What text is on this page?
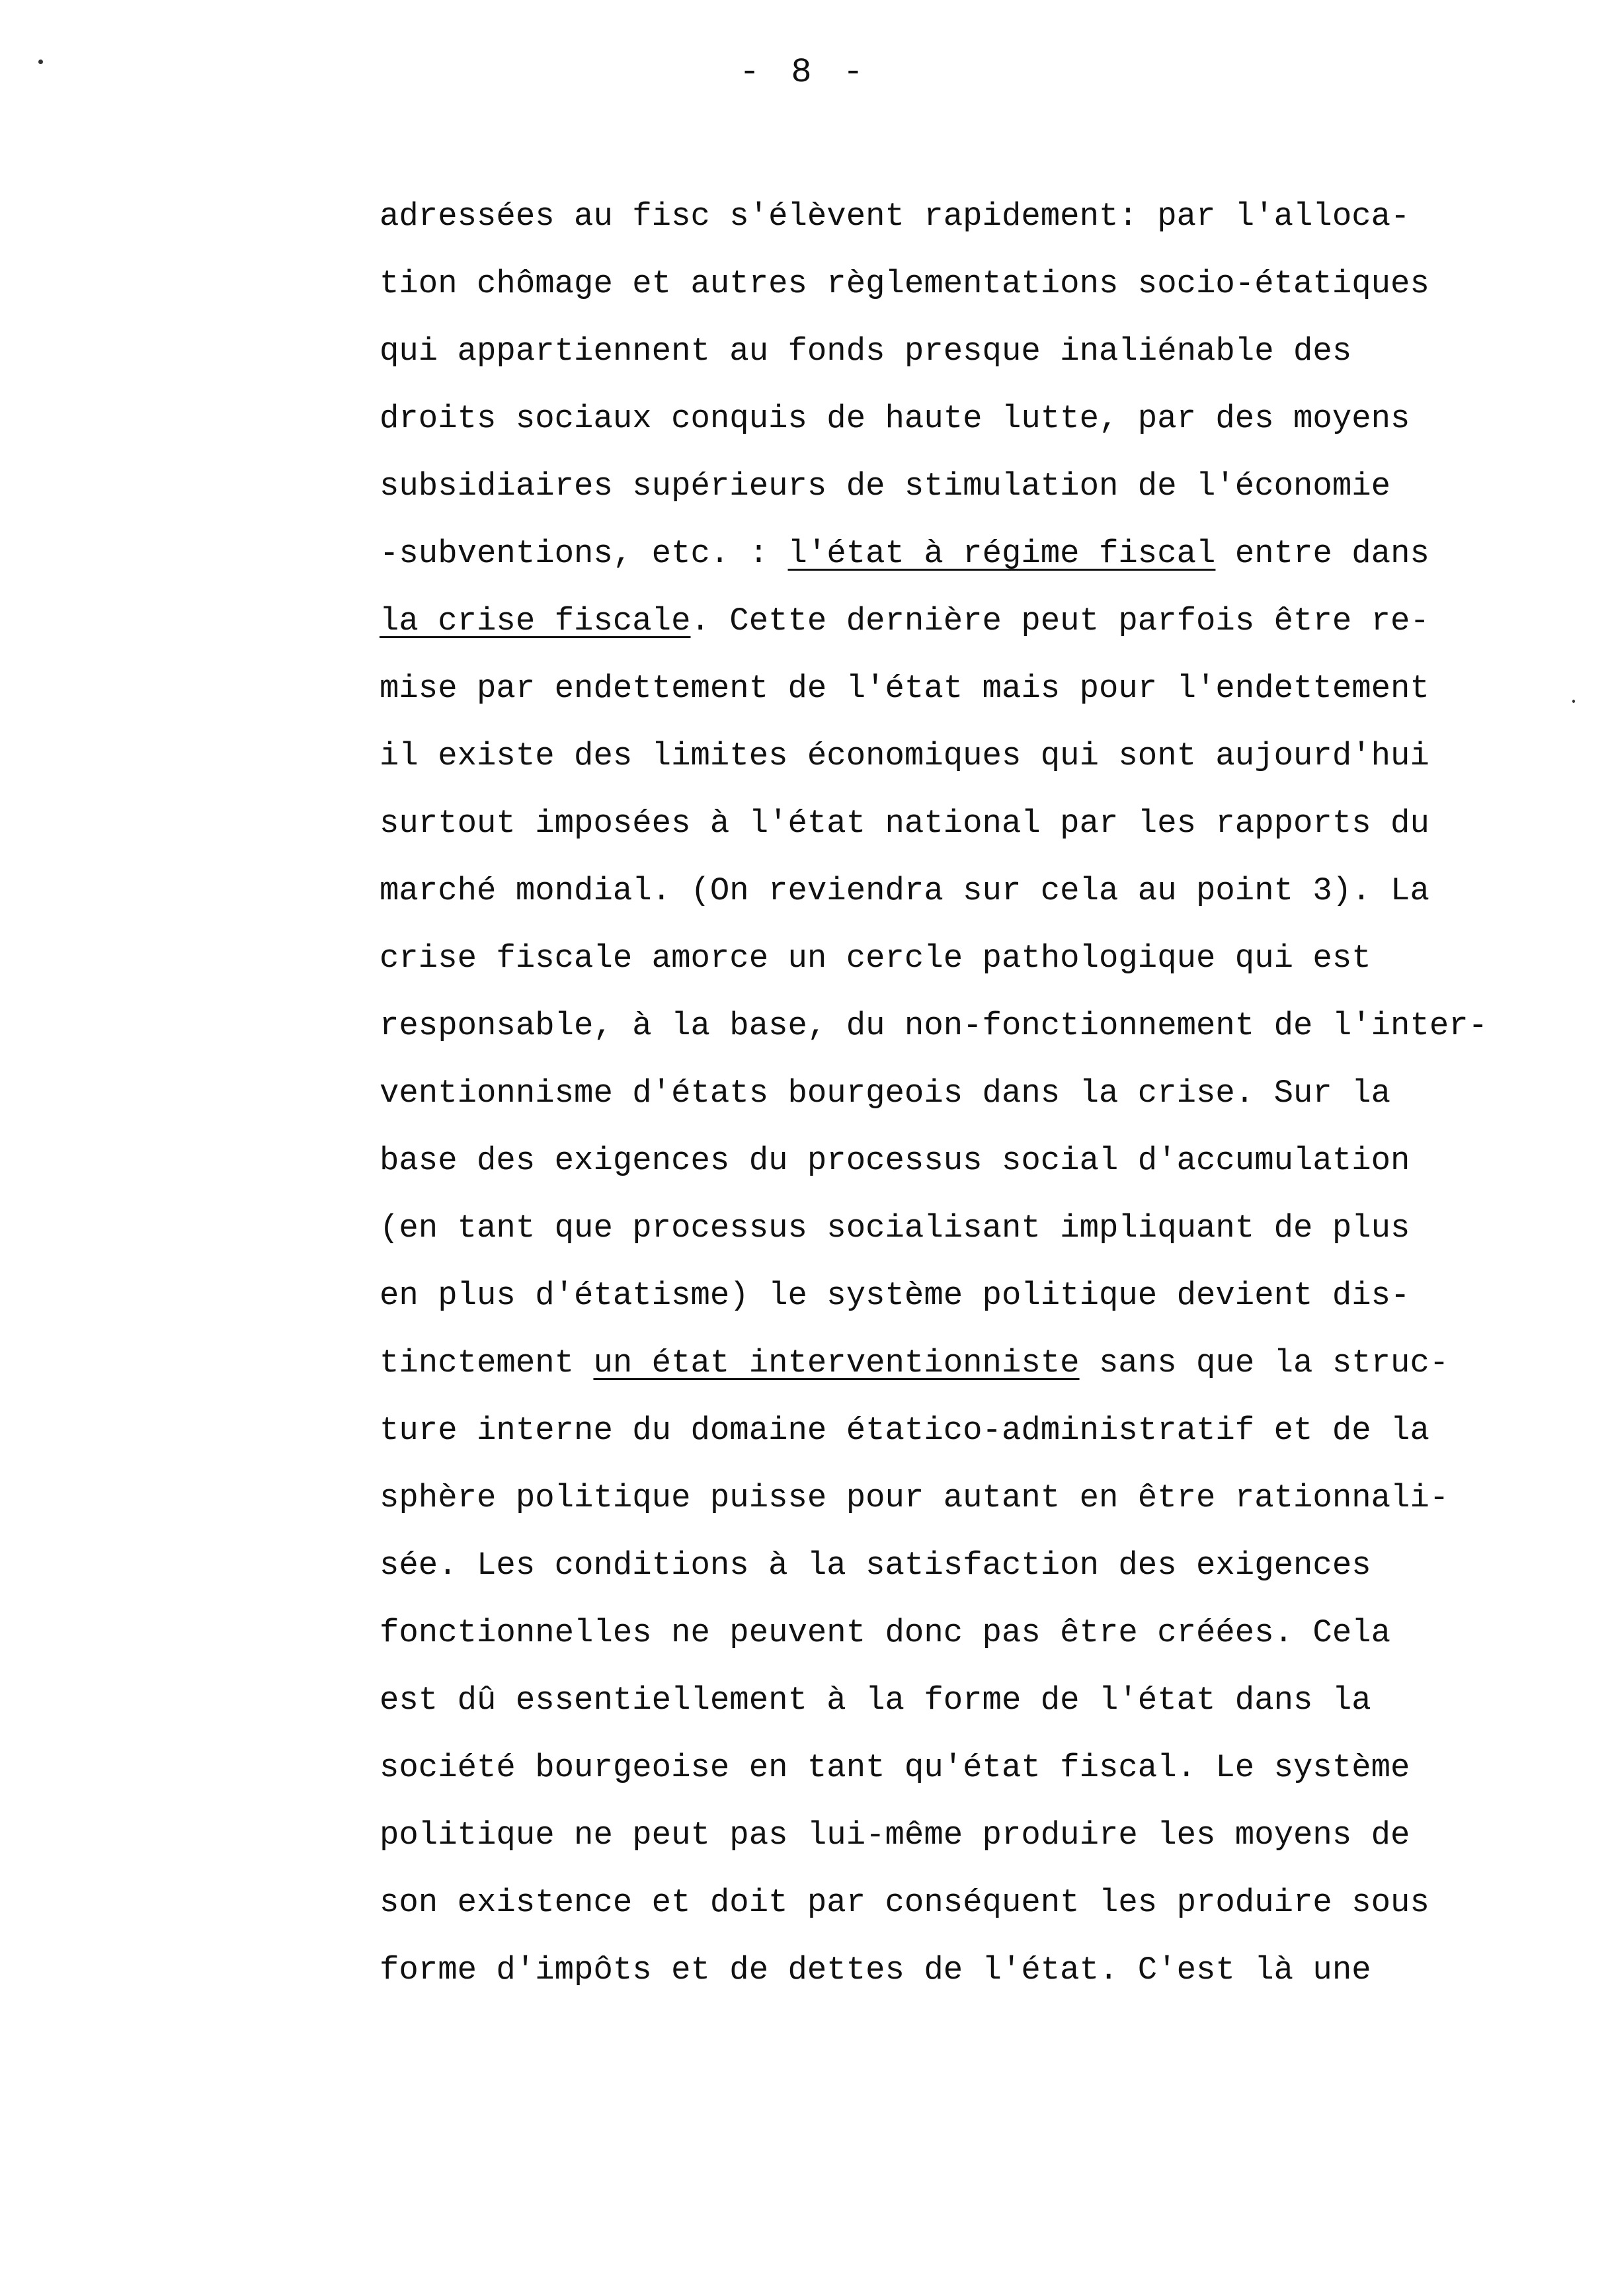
- 8 -
adressées au fisc s'élèvent rapidement: par l'alloca-
tion chômage et autres règlementations socio-étatiques
qui appartiennent au fonds presque inaliénable des
droits sociaux conquis de haute lutte, par des moyens
subsidiaires supérieurs de stimulation de l'économie
-subventions, etc. : l'état à régime fiscal entre dans
la crise fiscale. Cette dernière peut parfois être re-
mise par endettement de l'état mais pour l'endettement
il existe des limites économiques qui sont aujourd'hui
surtout imposées à l'état national par les rapports du
marché mondial. (On reviendra sur cela au point 3). La
crise fiscale amorce un cercle pathologique qui est
responsable, à la base, du non-fonctionnement de l'inter-
ventionnisme d'états bourgeois dans la crise. Sur la
base des exigences du processus social d'accumulation
(en tant que processus socialisant impliquant de plus
en plus d'étatisme) le système politique devient dis-
tinctement un état interventionniste sans que la struc-
ture interne du domaine étatico-administratif et de la
sphère politique puisse pour autant en être rationnali-
sée. Les conditions à la satisfaction des exigences
fonctionnelles ne peuvent donc pas être créées. Cela
est dû essentiellement à la forme de l'état dans la
société bourgeoise en tant qu'état fiscal. Le système
politique ne peut pas lui-même produire les moyens de
son existence et doit par conséquent les produire sous
forme d'impôts et de dettes de l'état. C'est là une
